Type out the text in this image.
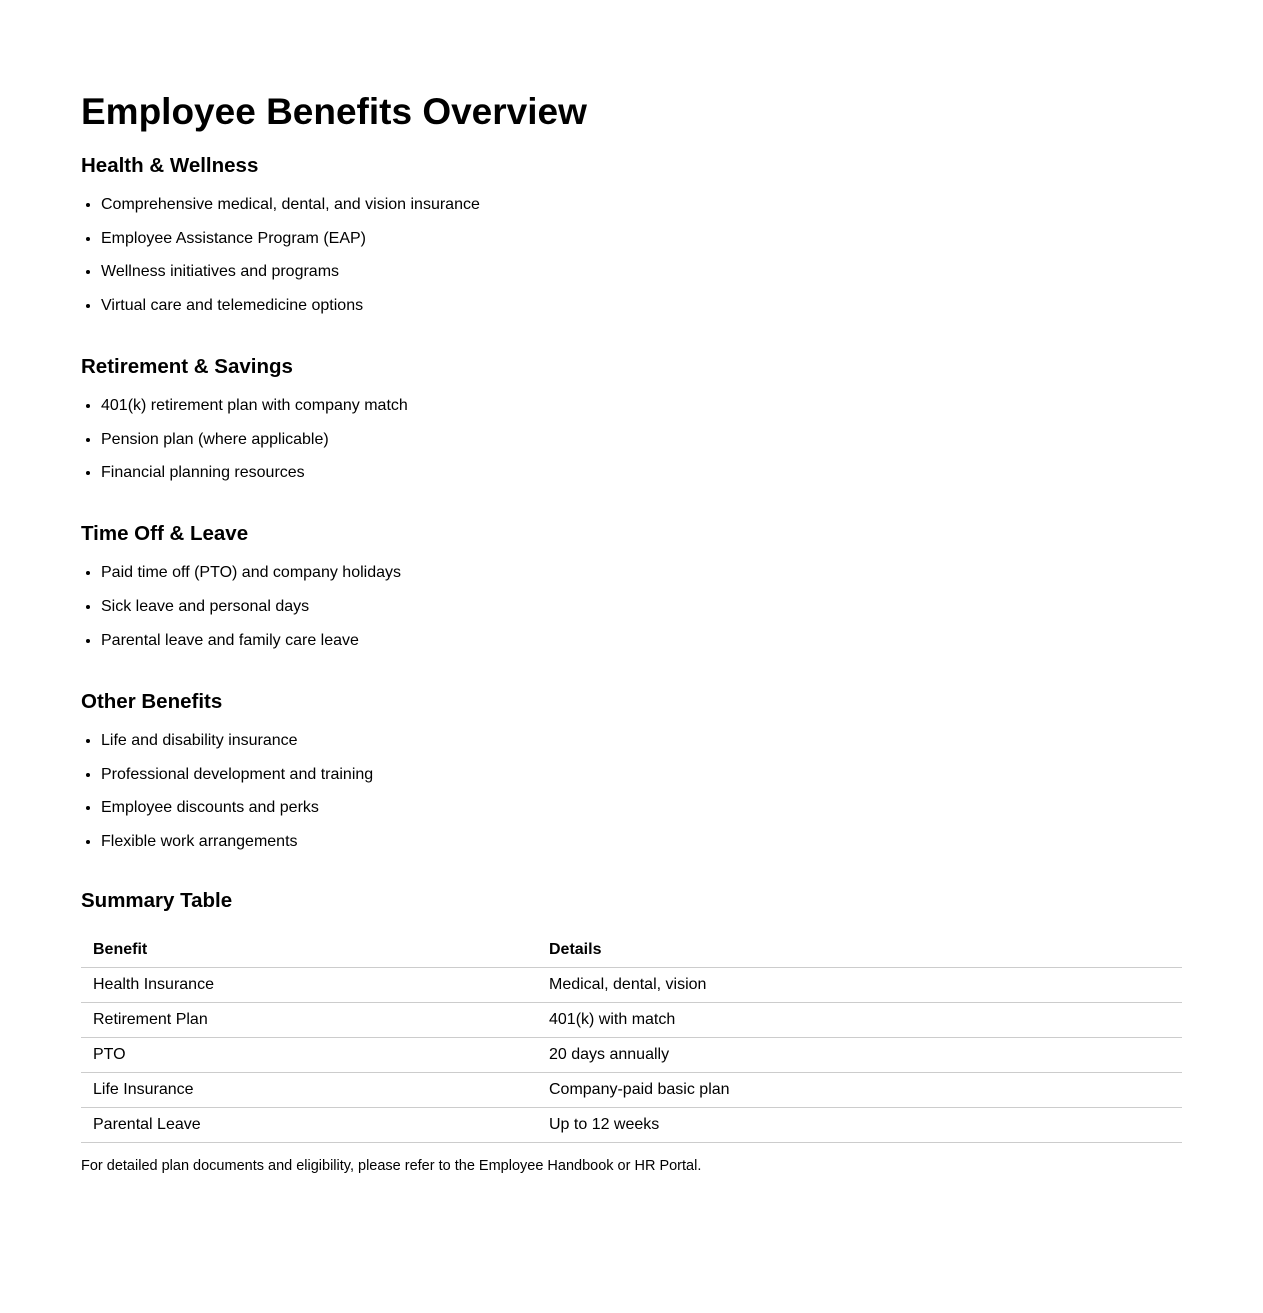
Employee Benefits Overview
Health & Wellness
• Comprehensive medical, dental, and vision insurance
• Employee Assistance Program (EAP)
• Wellness initiatives and programs
• Virtual care and telemedicine options
Retirement & Savings
• 401(k) retirement plan with company match
• Pension plan (where applicable)
• Financial planning resources
Time Off & Leave
• Paid time off (PTO) and company holidays
• Sick leave and personal days
• Parental leave and family care leave
Other Benefits
• Life and disability insurance
• Professional development and training
• Employee discounts and perks
• Flexible work arrangements
Summary Table
Benefit	Details
Health Insurance	Medical, dental, vision
Retirement Plan	401(k) with match
PTO	20 days annually
Life Insurance	Company-paid basic plan
Parental Leave	Up to 12 weeks

For detailed plan documents and eligibility, please refer to the Employee Handbook or HR Portal.
